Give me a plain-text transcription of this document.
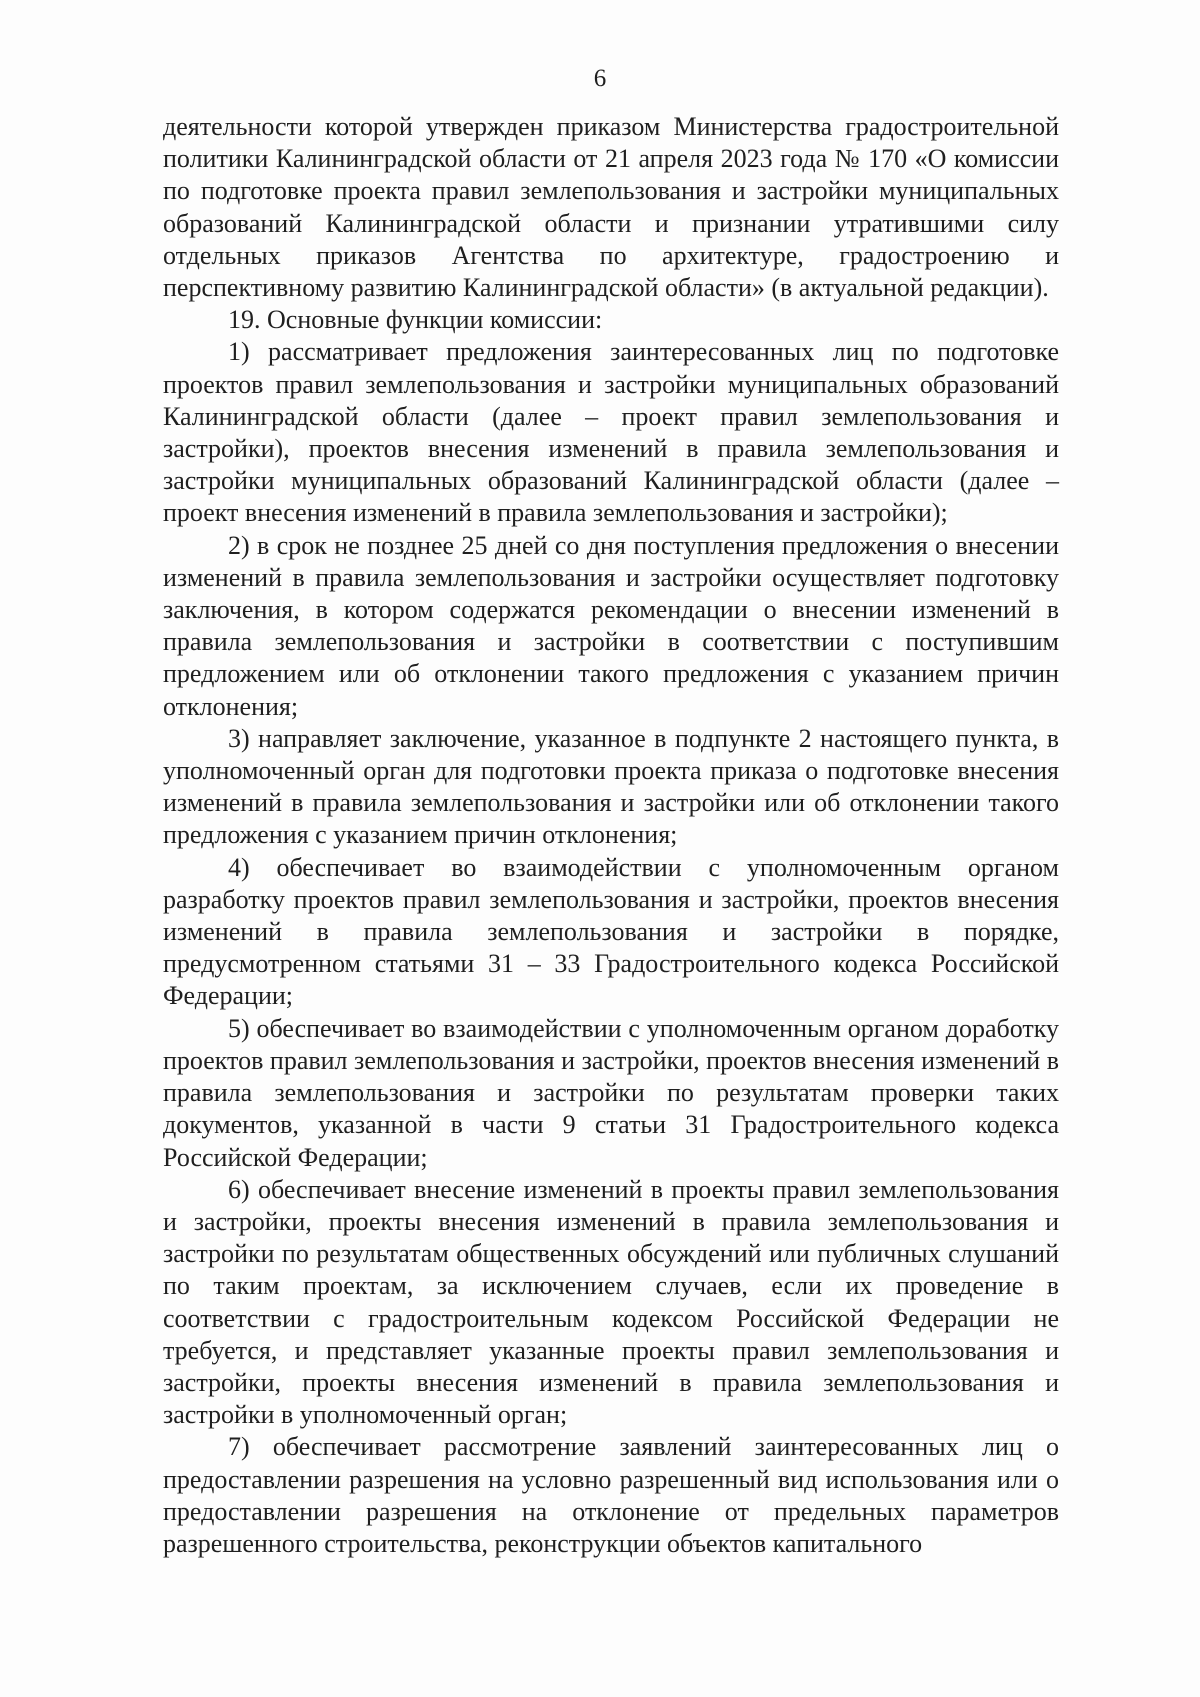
6

деятельности которой утвержден приказом Министерства градостроительной политики Калининградской области от 21 апреля 2023 года № 170 «О комиссии по подготовке проекта правил землепользования и застройки муниципальных образований Калининградской области и признании утратившими силу отдельных приказов Агентства по архитектуре, градостроению и перспективному развитию Калининградской области» (в актуальной редакции).

19. Основные функции комиссии:

1) рассматривает предложения заинтересованных лиц по подготовке проектов правил землепользования и застройки муниципальных образований Калининградской области (далее – проект правил землепользования и застройки), проектов внесения изменений в правила землепользования и застройки муниципальных образований Калининградской области (далее – проект внесения изменений в правила землепользования и застройки);

2) в срок не позднее 25 дней со дня поступления предложения о внесении изменений в правила землепользования и застройки осуществляет подготовку заключения, в котором содержатся рекомендации о внесении изменений в правила землепользования и застройки в соответствии с поступившим предложением или об отклонении такого предложения с указанием причин отклонения;

3) направляет заключение, указанное в подпункте 2 настоящего пункта, в уполномоченный орган для подготовки проекта приказа о подготовке внесения изменений в правила землепользования и застройки или об отклонении такого предложения с указанием причин отклонения;

4) обеспечивает во взаимодействии с уполномоченным органом разработку проектов правил землепользования и застройки, проектов внесения изменений в правила землепользования и застройки в порядке, предусмотренном статьями 31 – 33 Градостроительного кодекса Российской Федерации;

5) обеспечивает во взаимодействии с уполномоченным органом доработку проектов правил землепользования и застройки, проектов внесения изменений в правила землепользования и застройки по результатам проверки таких документов, указанной в части 9 статьи 31 Градостроительного кодекса Российской Федерации;

6) обеспечивает внесение изменений в проекты правил землепользования и застройки, проекты внесения изменений в правила землепользования и застройки по результатам общественных обсуждений или публичных слушаний по таким проектам, за исключением случаев, если их проведение в соответствии с градостроительным кодексом Российской Федерации не требуется, и представляет указанные проекты правил землепользования и застройки, проекты внесения изменений в правила землепользования и застройки в уполномоченный орган;

7) обеспечивает рассмотрение заявлений заинтересованных лиц о предоставлении разрешения на условно разрешенный вид использования или о предоставлении разрешения на отклонение от предельных параметров разрешенного строительства, реконструкции объектов капитального
